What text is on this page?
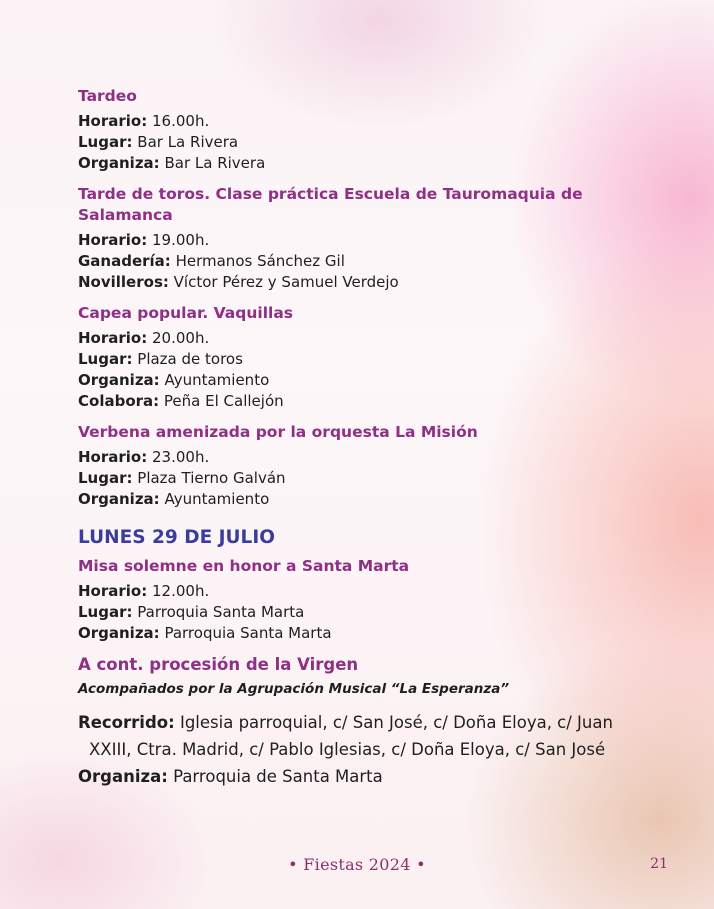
Tardeo

Horario: 16.00h.

Lugar: Bar La Rivera

Organiza: Bar La Rivera

Tarde de toros. Clase práctica Escuela de Tauromaquia de
Salamanca

Horario: 19.00h.

Ganadería: Hermanos Sánchez Gil

Novilleros: Víctor Pérez y Samuel Verdejo

Capea popular. Vaquillas

Horario: 20.00h.

Lugar: Plaza de toros

Organiza: Ayuntamiento

Colabora: Peña El Callejón

Verbena amenizada por la orquesta La Misión

Horario: 23.00h.

Lugar: Plaza Tierno Galván

Organiza: Ayuntamiento

LUNES 29 DE JULIO

Misa solemne en honor a Santa Marta

Horario: 12.00h.

Lugar: Parroquia Santa Marta

Organiza: Parroquia Santa Marta

A cont. procesión de la Virgen

Acompañados por la Agrupación Musical “La Esperanza”

Recorrido: Iglesia parroquial, c/ San José, c/ Doña Eloya, c/ Juan

XXIII, Ctra. Madrid, c/ Pablo Iglesias, c/ Doña Eloya, c/ San José

Organiza: Parroquia de Santa Marta

• Fiestas 2024 •	21
